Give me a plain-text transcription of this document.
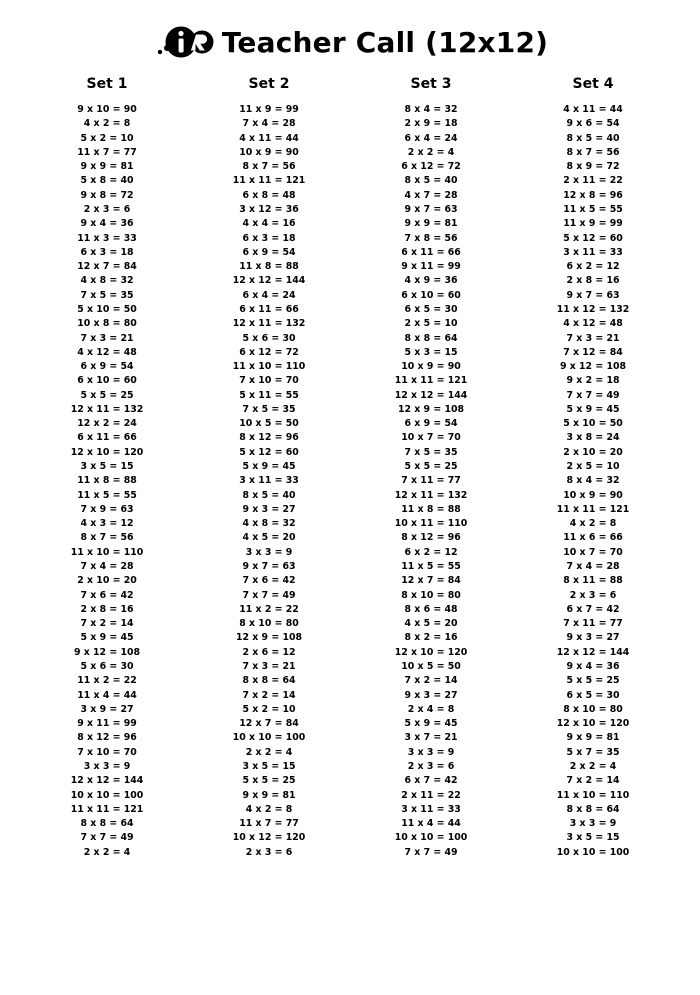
Teacher Call (12x12)
Set 1
9 x 10 = 90
4 x 2 = 8
5 x 2 = 10
11 x 7 = 77
9 x 9 = 81
5 x 8 = 40
9 x 8 = 72
2 x 3 = 6
9 x 4 = 36
11 x 3 = 33
6 x 3 = 18
12 x 7 = 84
4 x 8 = 32
7 x 5 = 35
5 x 10 = 50
10 x 8 = 80
7 x 3 = 21
4 x 12 = 48
6 x 9 = 54
6 x 10 = 60
5 x 5 = 25
12 x 11 = 132
12 x 2 = 24
6 x 11 = 66
12 x 10 = 120
3 x 5 = 15
11 x 8 = 88
11 x 5 = 55
7 x 9 = 63
4 x 3 = 12
8 x 7 = 56
11 x 10 = 110
7 x 4 = 28
2 x 10 = 20
7 x 6 = 42
2 x 8 = 16
7 x 2 = 14
5 x 9 = 45
9 x 12 = 108
5 x 6 = 30
11 x 2 = 22
11 x 4 = 44
3 x 9 = 27
9 x 11 = 99
8 x 12 = 96
7 x 10 = 70
3 x 3 = 9
12 x 12 = 144
10 x 10 = 100
11 x 11 = 121
8 x 8 = 64
7 x 7 = 49
2 x 2 = 4
Set 2
11 x 9 = 99
7 x 4 = 28
4 x 11 = 44
10 x 9 = 90
8 x 7 = 56
11 x 11 = 121
6 x 8 = 48
3 x 12 = 36
4 x 4 = 16
6 x 3 = 18
6 x 9 = 54
11 x 8 = 88
12 x 12 = 144
6 x 4 = 24
6 x 11 = 66
12 x 11 = 132
5 x 6 = 30
6 x 12 = 72
11 x 10 = 110
7 x 10 = 70
5 x 11 = 55
7 x 5 = 35
10 x 5 = 50
8 x 12 = 96
5 x 12 = 60
5 x 9 = 45
3 x 11 = 33
8 x 5 = 40
9 x 3 = 27
4 x 8 = 32
4 x 5 = 20
3 x 3 = 9
9 x 7 = 63
7 x 6 = 42
7 x 7 = 49
11 x 2 = 22
8 x 10 = 80
12 x 9 = 108
2 x 6 = 12
7 x 3 = 21
8 x 8 = 64
7 x 2 = 14
5 x 2 = 10
12 x 7 = 84
10 x 10 = 100
2 x 2 = 4
3 x 5 = 15
5 x 5 = 25
9 x 9 = 81
4 x 2 = 8
11 x 7 = 77
10 x 12 = 120
2 x 3 = 6
Set 3
8 x 4 = 32
2 x 9 = 18
6 x 4 = 24
2 x 2 = 4
6 x 12 = 72
8 x 5 = 40
4 x 7 = 28
9 x 7 = 63
9 x 9 = 81
7 x 8 = 56
6 x 11 = 66
9 x 11 = 99
4 x 9 = 36
6 x 10 = 60
6 x 5 = 30
2 x 5 = 10
8 x 8 = 64
5 x 3 = 15
10 x 9 = 90
11 x 11 = 121
12 x 12 = 144
12 x 9 = 108
6 x 9 = 54
10 x 7 = 70
7 x 5 = 35
5 x 5 = 25
7 x 11 = 77
12 x 11 = 132
11 x 8 = 88
10 x 11 = 110
8 x 12 = 96
6 x 2 = 12
11 x 5 = 55
12 x 7 = 84
8 x 10 = 80
8 x 6 = 48
4 x 5 = 20
8 x 2 = 16
12 x 10 = 120
10 x 5 = 50
7 x 2 = 14
9 x 3 = 27
2 x 4 = 8
5 x 9 = 45
3 x 7 = 21
3 x 3 = 9
2 x 3 = 6
6 x 7 = 42
2 x 11 = 22
3 x 11 = 33
11 x 4 = 44
10 x 10 = 100
7 x 7 = 49
Set 4
4 x 11 = 44
9 x 6 = 54
8 x 5 = 40
8 x 7 = 56
8 x 9 = 72
2 x 11 = 22
12 x 8 = 96
11 x 5 = 55
11 x 9 = 99
5 x 12 = 60
3 x 11 = 33
6 x 2 = 12
2 x 8 = 16
9 x 7 = 63
11 x 12 = 132
4 x 12 = 48
7 x 3 = 21
7 x 12 = 84
9 x 12 = 108
9 x 2 = 18
7 x 7 = 49
5 x 9 = 45
5 x 10 = 50
3 x 8 = 24
2 x 10 = 20
2 x 5 = 10
8 x 4 = 32
10 x 9 = 90
11 x 11 = 121
4 x 2 = 8
11 x 6 = 66
10 x 7 = 70
7 x 4 = 28
8 x 11 = 88
2 x 3 = 6
6 x 7 = 42
7 x 11 = 77
9 x 3 = 27
12 x 12 = 144
9 x 4 = 36
5 x 5 = 25
6 x 5 = 30
8 x 10 = 80
12 x 10 = 120
9 x 9 = 81
5 x 7 = 35
2 x 2 = 4
7 x 2 = 14
11 x 10 = 110
8 x 8 = 64
3 x 3 = 9
3 x 5 = 15
10 x 10 = 100
